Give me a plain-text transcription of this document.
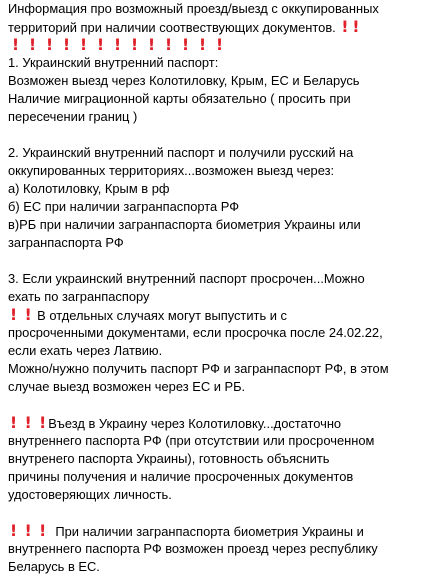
Информация про возможный проезд/выезд с оккупированных
территорий при наличии соотвествующих документов. ! !
! ! ! ! ! ! ! ! ! ! ! ! !
1. Украинский внутренний паспорт:
Возможен выезд через Колотиловку, Крым, ЕС и Беларусь
Наличие миграционной карты обязательно ( просить при
пересечении границ )
2. Украинский внутренний паспорт и получили русский на
оккупированных территориях...возможен выезд через:
а) Колотиловку, Крым в рф
б) ЕС при наличии загранпаспорта РФ
в)РБ при наличии загранпаспорта биометрия Украины или
загранпаспорта РФ
3. Если украинский внутренний паспорт просрочен...Можно
ехать по загранпаспору
! ! В отдельных случаях могут выпустить и с
просроченными документами, если просрочка после 24.02.22,
если ехать через Латвию.
Можно/нужно получить паспорт РФ и загранпаспорт РФ, в этом
случае выезд возможен через ЕС и РБ.
! ! ! Въезд в Украину через Колотиловку...достаточно
внутреннего паспорта РФ (при отсутствии или просроченном
внутренего паспорта Украины), готовность объяснить
причины получения и наличие просроченных документов
удостоверяющих личность.
! ! !  При наличии загранпаспорта биометрия Украины и
внутреннего паспорта РФ возможен проезд через республику
Беларусь в ЕС.
